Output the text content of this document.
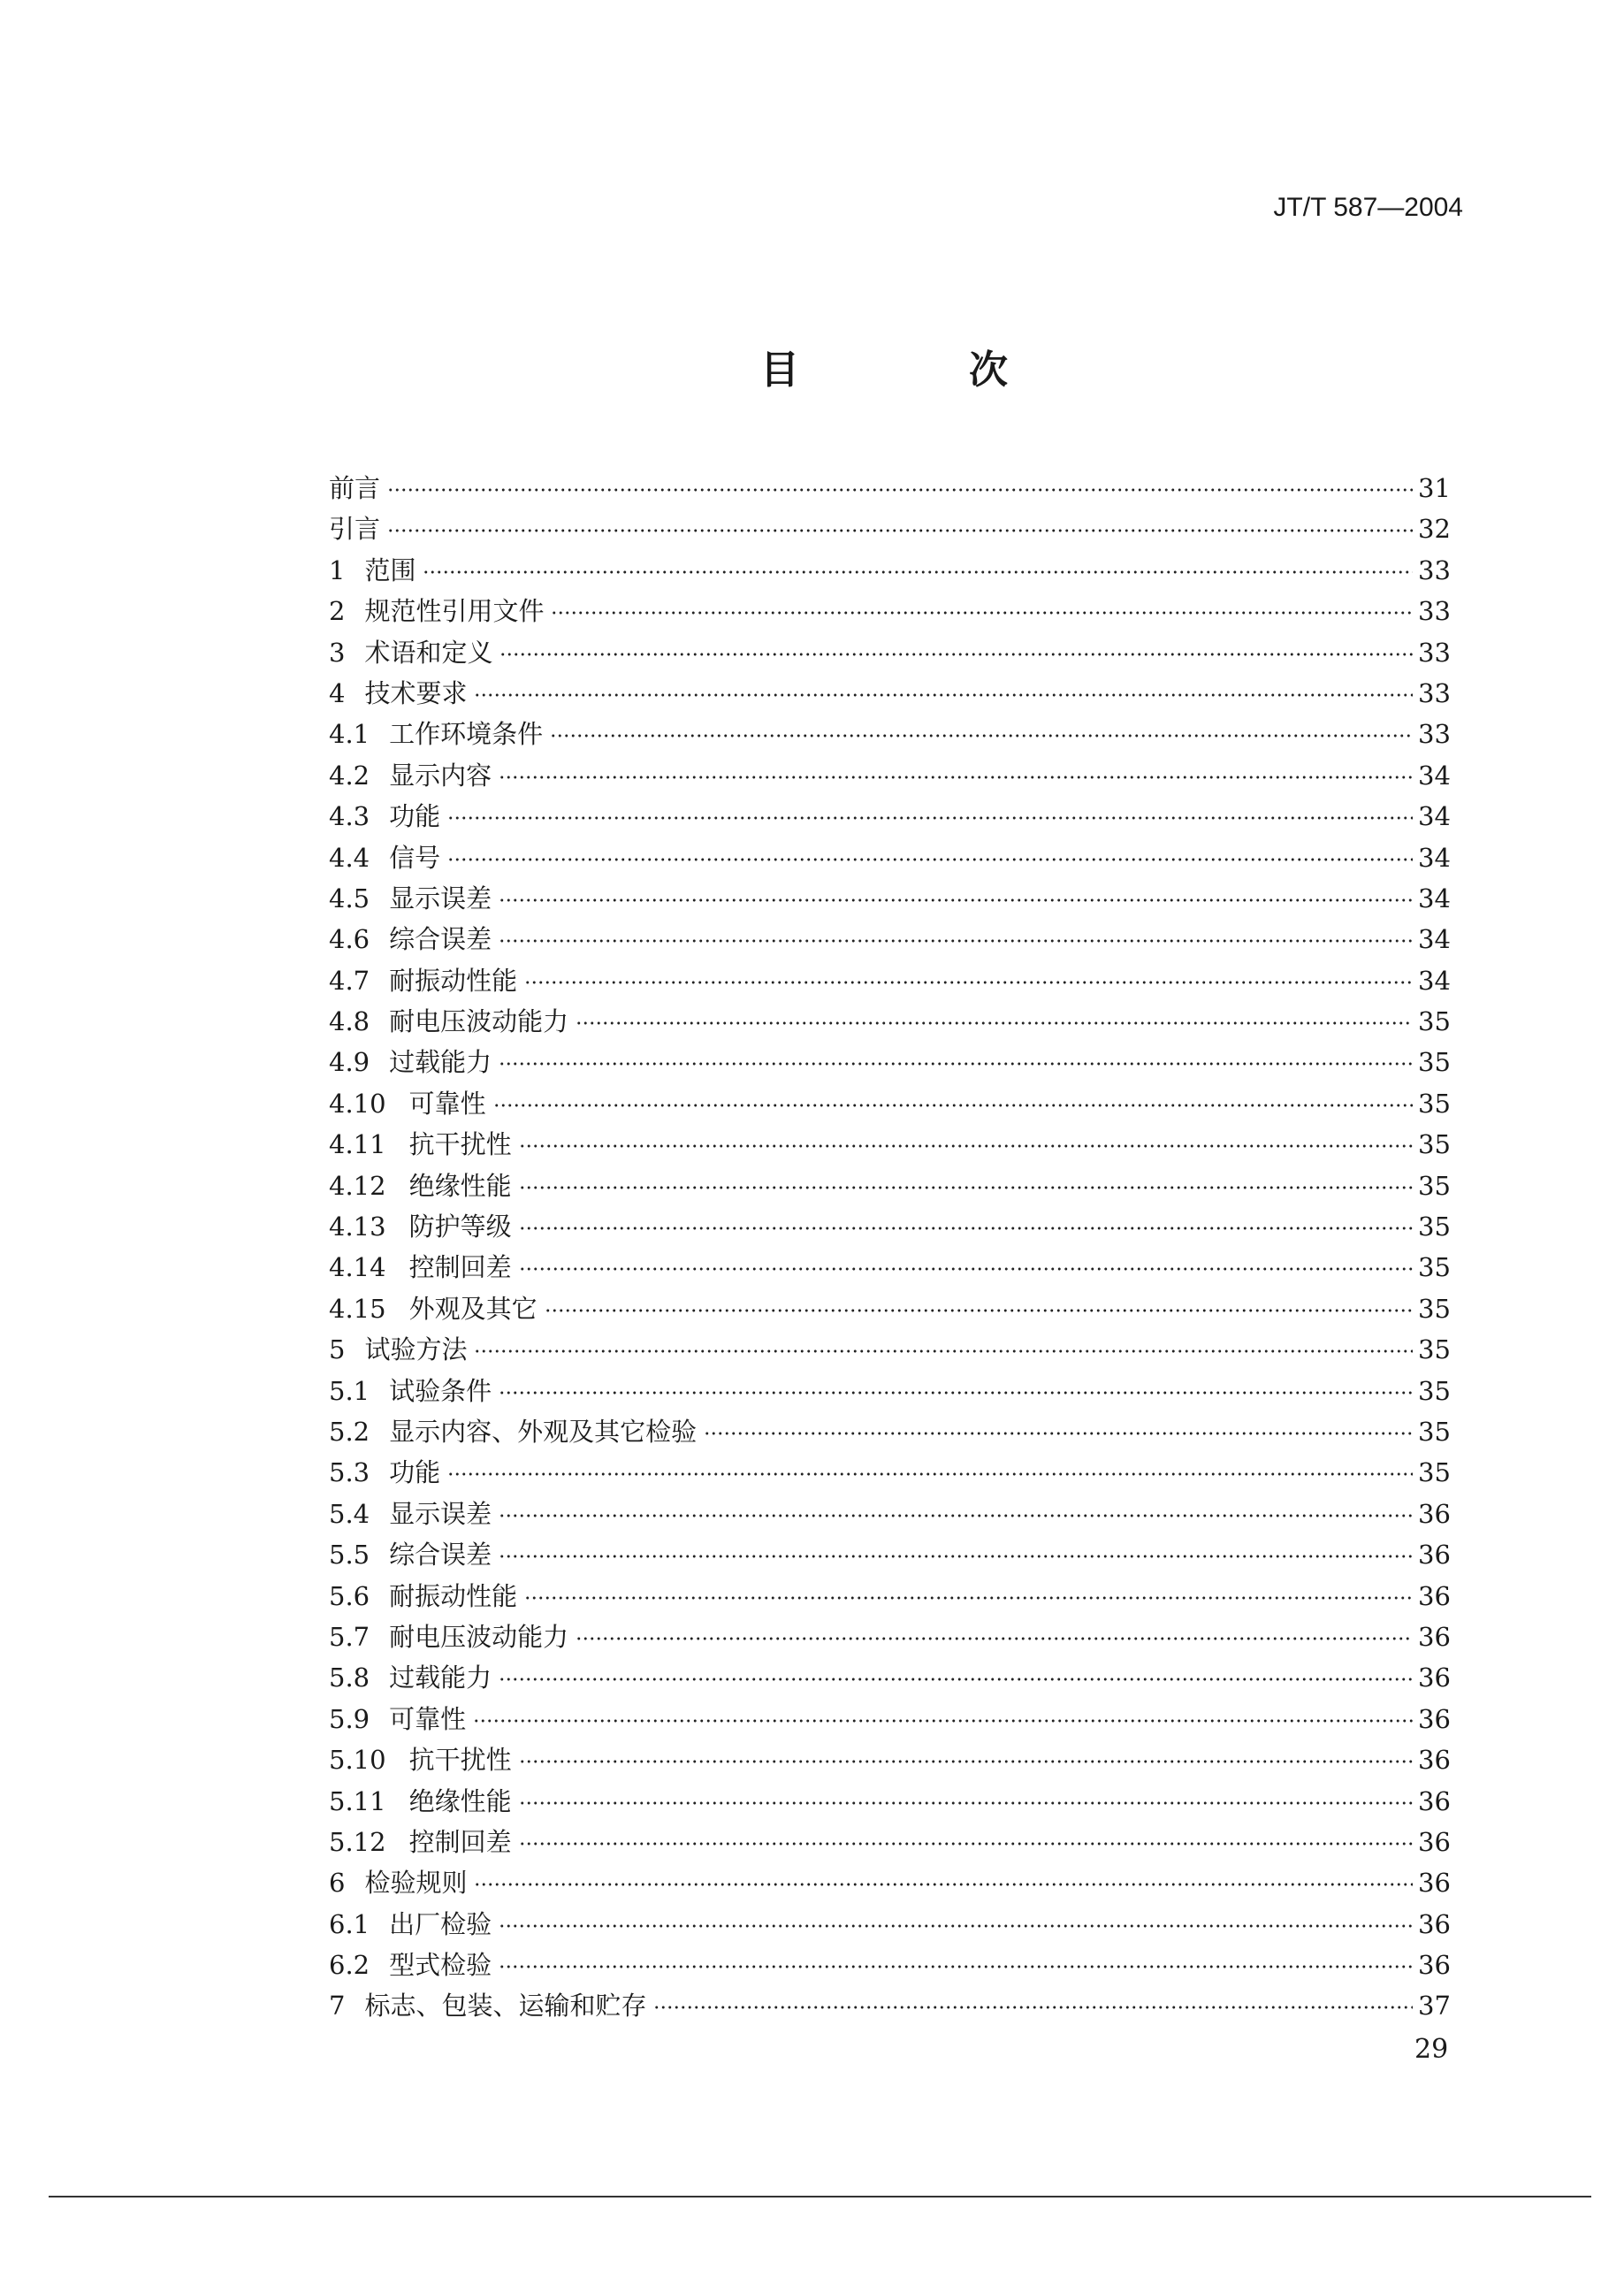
JT/T 587—2004
目	次
前言	31
引言	32
1 范围	33
2 规范性引用文件	33
3 术语和定义	33
4 技术要求	33
4.1 工作环境条件	33
4.2 显示内容	34
4.3 功能	34
4.4 信号	34
4.5 显示误差	34
4.6 综合误差	34
4.7 耐振动性能	34
4.8 耐电压波动能力	35
4.9 过载能力	35
4.10 可靠性	35
4.11 抗干扰性	35
4.12 绝缘性能	35
4.13 防护等级	35
4.14 控制回差	35
4.15 外观及其它	35
5 试验方法	35
5.1 试验条件	35
5.2 显示内容、外观及其它检验	35
5.3 功能	35
5.4 显示误差	36
5.5 综合误差	36
5.6 耐振动性能	36
5.7 耐电压波动能力	36
5.8 过载能力	36
5.9 可靠性	36
5.10 抗干扰性	36
5.11 绝缘性能	36
5.12 控制回差	36
6 检验规则	36
6.1 出厂检验	36
6.2 型式检验	36
7 标志、包装、运输和贮存	37
29
